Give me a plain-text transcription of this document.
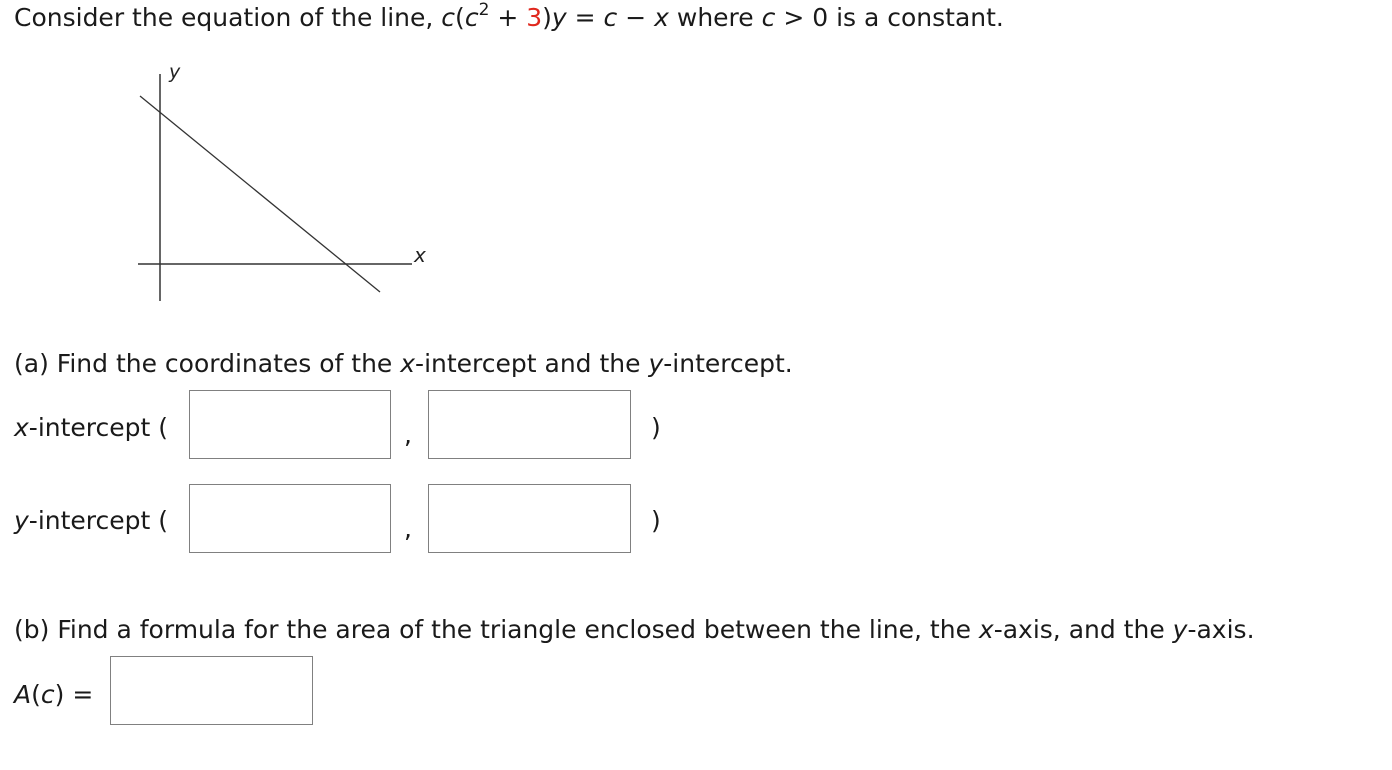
Consider the equation of the line, $c(c^2 + 3)y = c - x$ where c > 0 is a constant.
y
x
(a) Find the coordinates of the x-intercept and the y-intercept.
x-intercept (	,	)
y-intercept (	,	)
(b) Find a formula for the area of the triangle enclosed between the line, the x-axis, and the y-axis.
A(c) =
